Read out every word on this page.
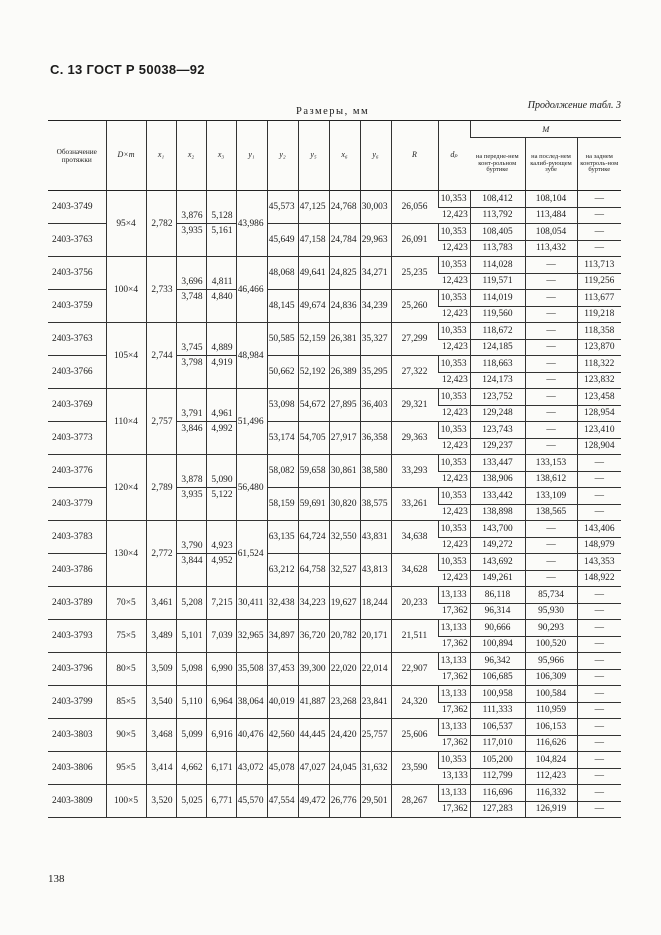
С. 13 ГОСТ Р 50038—92
Размеры, мм
Продолжение табл. 3
Обозначение протяжки	D×m	x₁	x₂	x₃	y₁	y₂	y₅	x₆	y₆	R	dₚ	M		
												на передне-нем конт-рольном буртике	на послед-нем калиб-рующем зубе	на заднем контроль-ном буртике
2403-3749	95×4	2,782	3,876	5,128	43,986	45,573	47,125	24,768	30,003	26,056	10,353	108,412	108,104	—
											12,423	113,792	113,484	—
2403-3763			3,935	5,161		45,649	47,158	24,784	29,963	26,091	10,353	108,405	108,054	—
											12,423	113,783	113,432	—
2403-3756	100×4	2,733	3,696	4,811	46,466	48,068	49,641	24,825	34,271	25,235	10,353	114,028	—	113,713
											12,423	119,571	—	119,256
2403-3759			3,748	4,840		48,145	49,674	24,836	34,239	25,260	10,353	114,019	—	113,677
											12,423	119,560	—	119,218
2403-3763	105×4	2,744	3,745	4,889	48,984	50,585	52,159	26,381	35,327	27,299	10,353	118,672	—	118,358
											12,423	124,185	—	123,870
2403-3766			3,798	4,919		50,662	52,192	26,389	35,295	27,322	10,353	118,663	—	118,322
											12,423	124,173	—	123,832
2403-3769	110×4	2,757	3,791	4,961	51,496	53,098	54,672	27,895	36,403	29,321	10,353	123,752	—	123,458
											12,423	129,248	—	128,954
2403-3773			3,846	4,992		53,174	54,705	27,917	36,358	29,363	10,353	123,743	—	123,410
											12,423	129,237	—	128,904
2403-3776	120×4	2,789	3,878	5,090	56,480	58,082	59,658	30,861	38,580	33,293	10,353	133,447	133,153	—
											12,423	138,906	138,612	—
2403-3779			3,935	5,122		58,159	59,691	30,820	38,575	33,261	10,353	133,442	133,109	—
											12,423	138,898	138,565	—
2403-3783	130×4	2,772	3,790	4,923	61,524	63,135	64,724	32,550	43,831	34,638	10,353	143,700	—	143,406
											12,423	149,272	—	148,979
2403-3786			3,844	4,952		63,212	64,758	32,527	43,813	34,628	10,353	143,692	—	143,353
											12,423	149,261	—	148,922
2403-3789	70×5	3,461	5,208	7,215	30,411	32,438	34,223	19,627	18,244	20,233	13,133	86,118	85,734	—
											17,362	96,314	95,930	—
2403-3793	75×5	3,489	5,101	7,039	32,965	34,897	36,720	20,782	20,171	21,511	13,133	90,666	90,293	—
											17,362	100,894	100,520	—
2403-3796	80×5	3,509	5,098	6,990	35,508	37,453	39,300	22,020	22,014	22,907	13,133	96,342	95,966	—
											17,362	106,685	106,309	—
2403-3799	85×5	3,540	5,110	6,964	38,064	40,019	41,887	23,268	23,841	24,320	13,133	100,958	100,584	—
											17,362	111,333	110,959	—
2403-3803	90×5	3,468	5,099	6,916	40,476	42,560	44,445	24,420	25,757	25,606	13,133	106,537	106,153	—
											17,362	117,010	116,626	—
2403-3806	95×5	3,414	4,662	6,171	43,072	45,078	47,027	24,045	31,632	23,590	10,353	105,200	104,824	—
											13,133	112,799	112,423	—
2403-3809	100×5	3,520	5,025	6,771	45,570	47,554	49,472	26,776	29,501	28,267	13,133	116,696	116,332	—
											17,362	127,283	126,919	—
138
